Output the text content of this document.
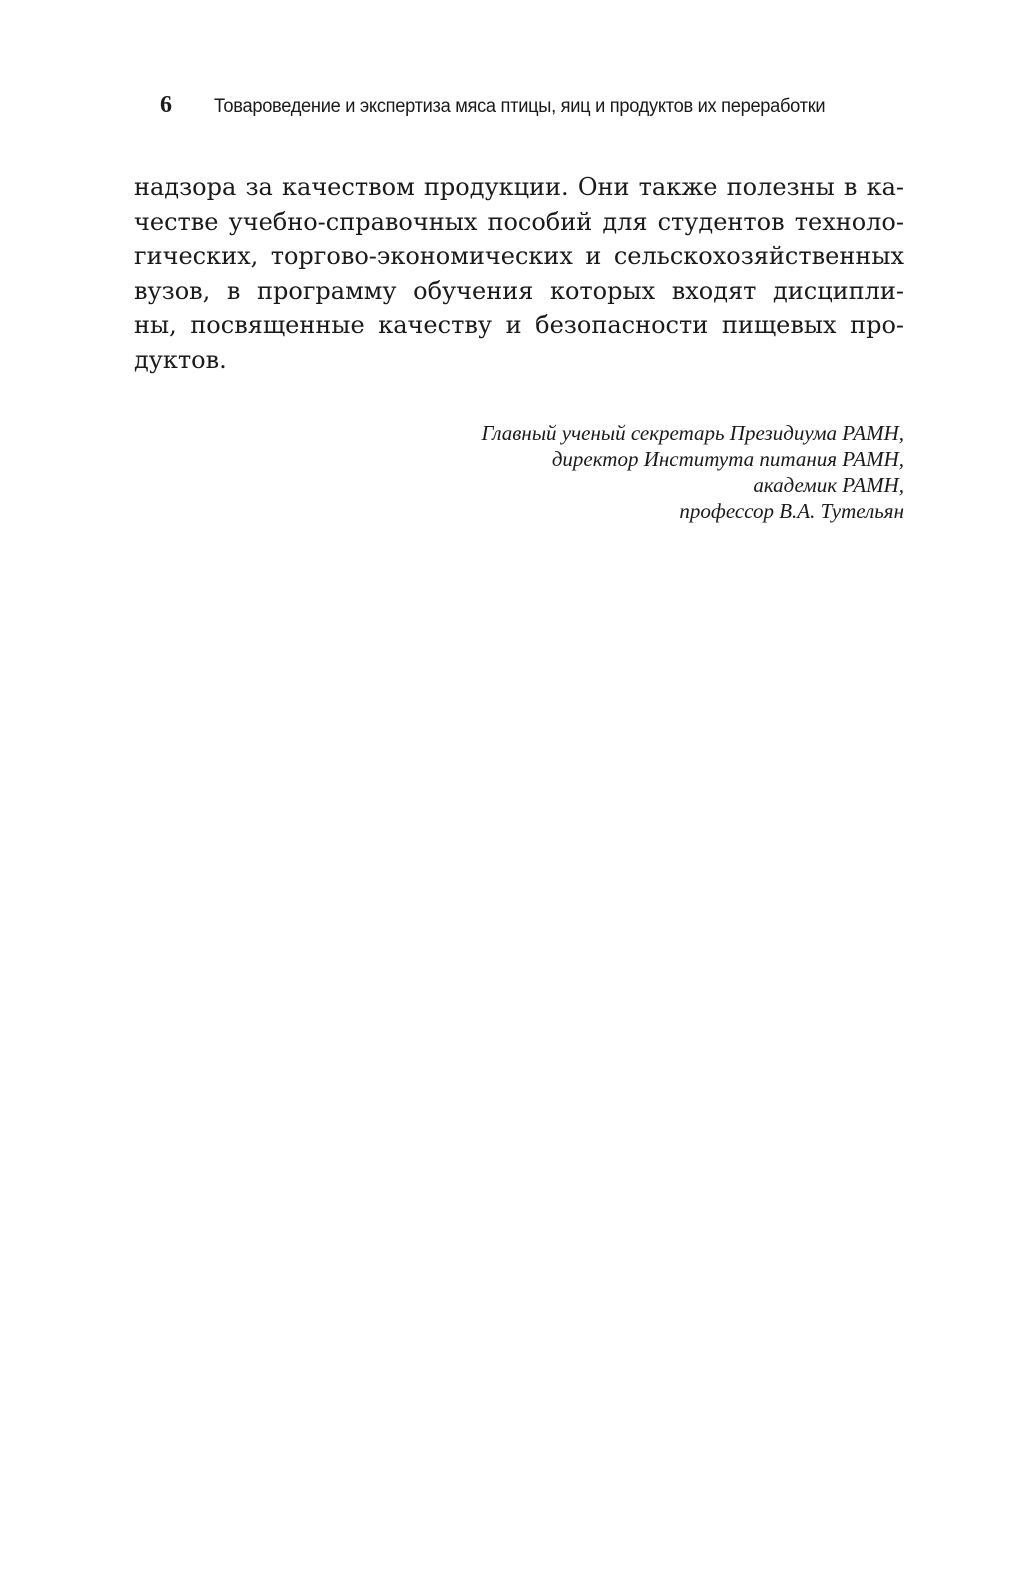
6	Товароведение и экспертиза мяса птицы, яиц и продуктов их переработки
надзора за качеством продукции. Они также полезны в ка-
честве учебно-справочных пособий для студентов техноло-
гических, торгово-экономических и сельскохозяйственных
вузов, в программу обучения которых входят дисципли-
ны, посвященные качеству и безопасности пищевых про-
дуктов.
Главный ученый секретарь Президиума РАМН,
директор Института питания РАМН,
академик РАМН,
профессор В.А. Тутельян
